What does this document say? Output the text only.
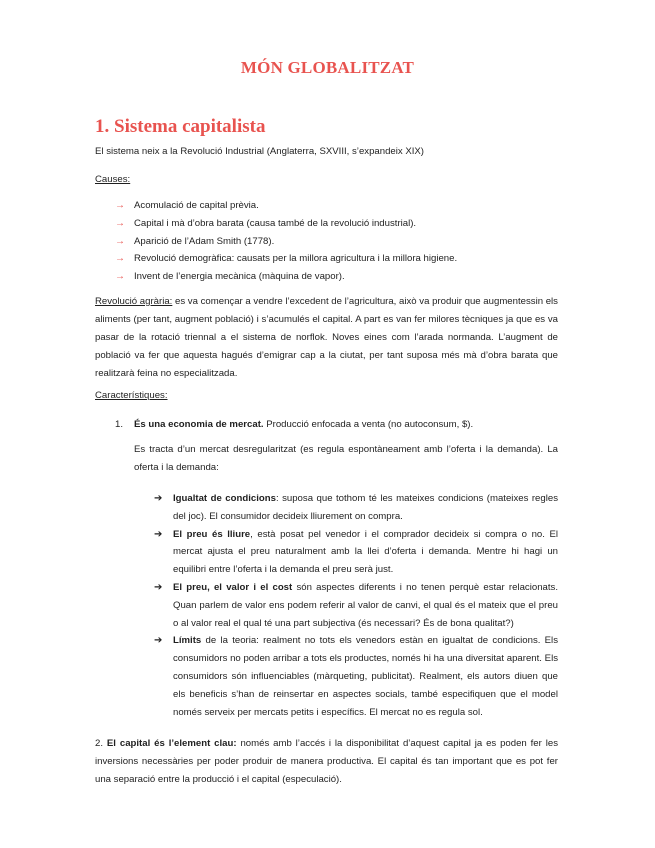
MÓN GLOBALITZAT
1. Sistema capitalista

El sistema neix a la Revolució Industrial (Anglaterra, SXVIII, s’expandeix XIX)

Causes:

→ Acomulació de capital prèvia.
→ Capital i mà d’obra barata (causa també de la revolució industrial).
→ Aparició de l’Adam Smith (1778).
→ Revolució demogràfica: causats per la millora agricultura i la millora higiene.
→ Invent de l’energia mecànica (màquina de vapor).

Revolució agrària: es va començar a vendre l’excedent de l’agricultura, això va produir que augmentessin els aliments (per tant, augment població) i s’acumulés el capital. A part es van fer milores tècniques ja que es va pasar de la rotació triennal a el sistema de norflok. Noves eines com l’arada normanda. L’augment de població va fer que aquesta hagués d’emigrar cap a la ciutat, per tant suposa més mà d’obra barata que realitzarà feina no especialitzada.

Característiques:

1. És una economia de mercat. Producció enfocada a venta (no autoconsum, $).

Es tracta d’un mercat desregularitzat (es regula espontàneament amb l’oferta i la demanda). La oferta i la demanda:

➔ Igualtat de condicions: suposa que tothom té les mateixes condicions (mateixes regles del joc). El consumidor decideix lliurement on compra.
➔ El preu és lliure, està posat pel venedor i el comprador decideix si compra o no. El mercat ajusta el preu naturalment amb la llei d’oferta i demanda. Mentre hi hagi un equilibri entre l’oferta i la demanda el preu serà just.
➔ El preu, el valor i el cost són aspectes diferents i no tenen perquè estar relacionats. Quan parlem de valor ens podem referir al valor de canvi, el qual és el mateix que el preu o al valor real el qual té una part subjectiva (és necessari? És de bona qualitat?)
➔ Límits de la teoria: realment no tots els venedors estàn en igualtat de condicions. Els consumidors no poden arribar a tots els productes, només hi ha una diversitat aparent. Els consumidors són influenciables (màrqueting, publicitat). Realment, els autors diuen que els beneficis s’han de reinsertar en aspectes socials, també especifiquen que el model només serveix per mercats petits i específics. El mercat no es regula sol.

2. El capital és l’element clau: només amb l’accés i la disponibilitat d’aquest capital ja es poden fer les inversions necessàries per poder produir de manera productiva. El capital és tan important que es pot fer una separació entre la producció i el capital (especulació).
